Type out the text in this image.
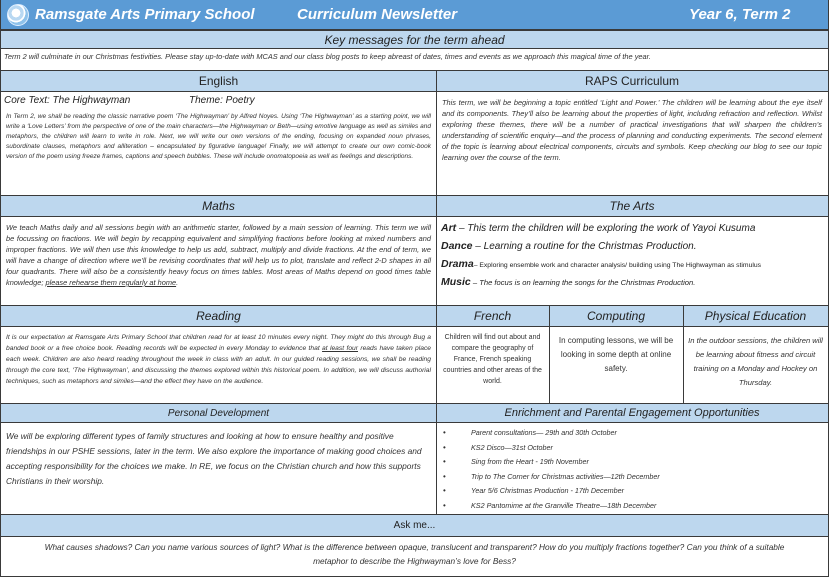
Ramsgate Arts Primary School	Curriculum Newsletter	Year 6, Term 2
Key messages for the term ahead
Term 2 will culminate in our Christmas festivities. Please stay up-to-date with MCAS and our class blog posts to keep abreast of dates, times and events as we approach this magical time of the year.
English	RAPS Curriculum
Core Text: The Highwayman	Theme: Poetry
In Term 2, we shall be reading the classic narrative poem ‘The Highwayman’ by Alfred Noyes. Using ‘The Highwayman’ as a starting point, we will write a ‘Love Letters’ from the perspective of one of the main characters—the Highwayman or Beth—using emotive language as well as similes and metaphors, the children will learn to write in role. Next, we will write our own versions of the ending, focusing on expanded noun phrases, subordinate clauses, metaphors and alliteration – encapsulated by figurative language! Finally, we will attempt to create our own comic-book version of the poem using freeze frames, captions and speech bubbles. These will include onomatopoeia as well as feelings and descriptions.
This term, we will be beginning a topic entitled ‘Light and Power.’ The children will be learning about the eye itself and its components. They’ll also be learning about the properties of light, including refraction and reflection. Whilst exploring these themes, there will be a number of practical investigations that will sharpen the children’s understanding of scientific enquiry—and the process of planning and conducting experiments. The second element of the topic is learning about electrical components, circuits and symbols. Keep checking our blog to see our topic learning over the course of the term.
Maths	The Arts
We teach Maths daily and all sessions begin with an arithmetic starter, followed by a main session of learning. This term we will be focussing on fractions. We will begin by recapping equivalent and simplifying fractions before looking at mixed numbers and improper fractions. We will then use this knowledge to help us add, subtract, multiply and divide fractions. At the end of term, we will have a change of direction where we’ll be revising coordinates that will help us to plot, translate and reflect 2-D shapes in all four quadrants. There will also be a consistently heavy focus on times tables. Most areas of Maths depend on good times table knowledge; please rehearse them regularly at home.
Art – This term the children will be exploring the work of Yayoi Kusuma
Dance – Learning a routine for the Christmas Production.
Drama– Exploring ensemble work and character analysis/ building using The Highwayman as stimulus
Music – The focus is on learning the songs for the Christmas Production.
Reading	French	Computing	Physical Education
It is our expectation at Ramsgate Arts Primary School that children read for at least 10 minutes every night. They might do this through Bug a banded book or a free choice book. Reading records will be expected in every Monday to evidence that at least four reads have taken place each week. Children are also heard reading throughout the week in class with an adult. In our guided reading sessions, we shall be reading through the core text, ‘The Highwayman’, and discussing the themes explored within this historical poem. In addition, we will discuss authorial techniques, such as metaphors and similes—and the effect they have on the audience.
Children will find out about and compare the geography of France, French speaking countries and other areas of the world.
In computing lessons, we will be looking in some depth at online safety.
In the outdoor sessions, the children will be learning about fitness and circuit training on a Monday and Hockey on Thursday.
Personal Development	Enrichment and Parental Engagement Opportunities
We will be exploring different types of family structures and looking at how to ensure healthy and positive friendships in our PSHE sessions, later in the term. We also explore the importance of making good choices and accepting responsibility for the choices we make. In RE, we focus on the Christian church and how this supports Christians in their worship.
•	Parent consultations— 29th and 30th October
•	KS2 Disco—31st October
•	Sing from the Heart - 19th November
•	Trip to The Corner for Christmas activities—12th December
•	Year 5/6 Christmas Production - 17th December
•	KS2 Pantomime at the Granville Theatre—18th December
Ask me...
What causes shadows? Can you name various sources of light? What is the difference between opaque, translucent and transparent? How do you multiply fractions together? Can you think of a suitable metaphor to describe the Highwayman’s love for Bess?
